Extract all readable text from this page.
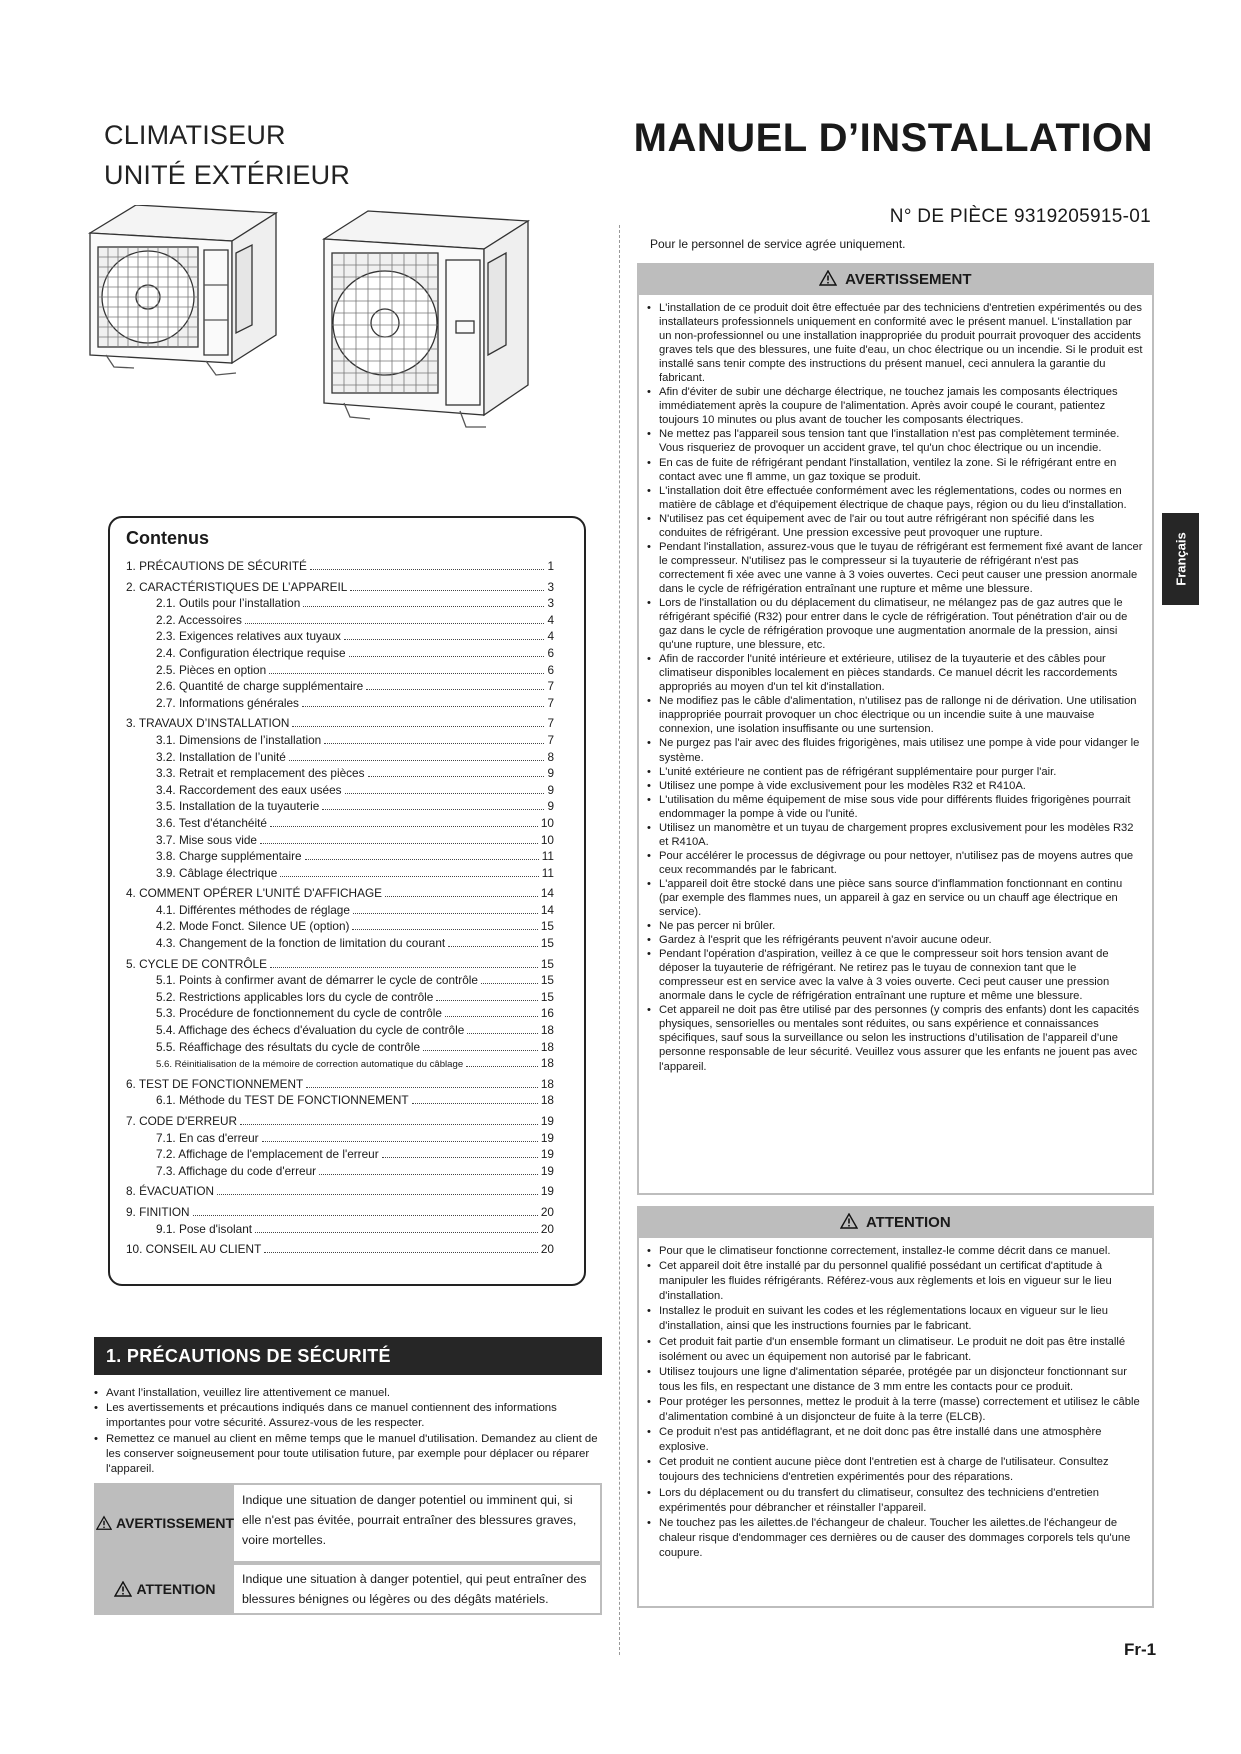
CLIMATISEUR
UNITÉ EXTÉRIEUR
MANUEL D’INSTALLATION
N° DE PIÈCE 9319205915-01
Pour le personnel de service agrée uniquement.
Contenus
1. PRÉCAUTIONS DE SÉCURITÉ	1
2. CARACTÉRISTIQUES DE L’APPAREIL	3
2.1. Outils pour l’installation	3
2.2. Accessoires	4
2.3. Exigences relatives aux tuyaux	4
2.4. Configuration électrique requise	6
2.5. Pièces en option	6
2.6. Quantité de charge supplémentaire	7
2.7. Informations générales	7
3. TRAVAUX D’INSTALLATION	7
3.1. Dimensions de l’installation	7
3.2. Installation de l’unité	8
3.3. Retrait et remplacement des pièces	9
3.4. Raccordement des eaux usées	9
3.5. Installation de la tuyauterie	9
3.6. Test d'étanchéité	10
3.7. Mise sous vide	10
3.8. Charge supplémentaire	11
3.9. Câblage électrique	11
4. COMMENT OPÉRER L'UNITÉ D'AFFICHAGE	14
4.1. Différentes méthodes de réglage	14
4.2. Mode Fonct. Silence UE (option)	15
4.3. Changement de la fonction de limitation du courant	15
5. CYCLE DE CONTRÔLE	15
5.1. Points à confirmer avant de démarrer le cycle de contrôle	15
5.2. Restrictions applicables lors du cycle de contrôle	15
5.3. Procédure de fonctionnement du cycle de contrôle	16
5.4. Affichage des échecs d'évaluation du cycle de contrôle	18
5.5. Réaffichage des résultats du cycle de contrôle	18
5.6. Réinitialisation de la mémoire de correction automatique du câblage	18
6. TEST DE FONCTIONNEMENT	18
6.1. Méthode du TEST DE FONCTIONNEMENT	18
7. CODE D'ERREUR	19
7.1. En cas d'erreur	19
7.2. Affichage de l'emplacement de l'erreur	19
7.3. Affichage du code d'erreur	19
8. ÉVACUATION	19
9. FINITION	20
9.1. Pose d'isolant	20
10. CONSEIL AU CLIENT	20
1. PRÉCAUTIONS DE SÉCURITÉ
• Avant l’installation, veuillez lire attentivement ce manuel.
• Les avertissements et précautions indiqués dans ce manuel contiennent des informations importantes pour votre sécurité. Assurez-vous de les respecter.
• Remettez ce manuel au client en même temps que le manuel d'utilisation. Demandez au client de les conserver soigneusement pour toute utilisation future, par exemple pour déplacer ou réparer l'appareil.
AVERTISSEMENT
Indique une situation de danger potentiel ou imminent qui, si elle n'est pas évitée, pourrait entraîner des blessures graves, voire mortelles.
ATTENTION
Indique une situation à danger potentiel, qui peut entraîner des blessures bénignes ou légères ou des dégâts matériels.
AVERTISSEMENT
• L'installation de ce produit doit être effectuée par des techniciens d'entretien expérimentés ou des installateurs professionnels uniquement en conformité avec le présent manuel. L'installation par un non-professionnel ou une installation inappropriée du produit pourrait provoquer des accidents graves tels que des blessures, une fuite d'eau, un choc électrique ou un incendie. Si le produit est installé sans tenir compte des instructions du présent manuel, ceci annulera la garantie du fabricant.
• Afin d'éviter de subir une décharge électrique, ne touchez jamais les composants électriques immédiatement après la coupure de l'alimentation. Après avoir coupé le courant, patientez toujours 10 minutes ou plus avant de toucher les composants électriques.
• Ne mettez pas l'appareil sous tension tant que l'installation n'est pas complètement terminée. Vous risqueriez de provoquer un accident grave, tel qu'un choc électrique ou un incendie.
• En cas de fuite de réfrigérant pendant l'installation, ventilez la zone. Si le réfrigérant entre en contact avec une fl amme, un gaz toxique se produit.
• L'installation doit être effectuée conformément avec les réglementations, codes ou normes en matière de câblage et d'équipement électrique de chaque pays, région ou du lieu d'installation.
• N'utilisez pas cet équipement avec de l'air ou tout autre réfrigérant non spécifié dans les conduites de réfrigérant. Une pression excessive peut provoquer une rupture.
• Pendant l'installation, assurez-vous que le tuyau de réfrigérant est fermement fixé avant de lancer le compresseur. N'utilisez pas le compresseur si la tuyauterie de réfrigérant n'est pas correctement fi xée avec une vanne à 3 voies ouvertes. Ceci peut causer une pression anormale dans le cycle de réfrigération entraînant une rupture et même une blessure.
• Lors de l'installation ou du déplacement du climatiseur, ne mélangez pas de gaz autres que le réfrigérant spécifié (R32) pour entrer dans le cycle de réfrigération. Tout pénétration d'air ou de gaz dans le cycle de réfrigération provoque une augmentation anormale de la pression, ainsi qu'une rupture, une blessure, etc.
• Afin de raccorder l'unité intérieure et extérieure, utilisez de la tuyauterie et des câbles pour climatiseur disponibles localement en pièces standards. Ce manuel décrit les raccordements appropriés au moyen d'un tel kit d'installation.
• Ne modifiez pas le câble d'alimentation, n'utilisez pas de rallonge ni de dérivation. Une utilisation inappropriée pourrait provoquer un choc électrique ou un incendie suite à une mauvaise connexion, une isolation insuffisante ou une surtension.
• Ne purgez pas l'air avec des fluides frigorigènes, mais utilisez une pompe à vide pour vidanger le système.
• L'unité extérieure ne contient pas de réfrigérant supplémentaire pour purger l'air.
• Utilisez une pompe à vide exclusivement pour les modèles R32 et R410A.
• L'utilisation du même équipement de mise sous vide pour différents fluides frigorigènes pourrait endommager la pompe à vide ou l'unité.
• Utilisez un manomètre et un tuyau de chargement propres exclusivement pour les modèles R32 et R410A.
• Pour accélérer le processus de dégivrage ou pour nettoyer, n'utilisez pas de moyens autres que ceux recommandés par le fabricant.
• L'appareil doit être stocké dans une pièce sans source d'inflammation fonctionnant en continu (par exemple des flammes nues, un appareil à gaz en service ou un chauff age électrique en service).
• Ne pas percer ni brûler.
• Gardez à l'esprit que les réfrigérants peuvent n'avoir aucune odeur.
• Pendant l'opération d'aspiration, veillez à ce que le compresseur soit hors tension avant de déposer la tuyauterie de réfrigérant. Ne retirez pas le tuyau de connexion tant que le compresseur est en service avec la valve à 3 voies ouverte. Ceci peut causer une pression anormale dans le cycle de réfrigération entraînant une rupture et même une blessure.
• Cet appareil ne doit pas être utilisé par des personnes (y compris des enfants) dont les capacités physiques, sensorielles ou mentales sont réduites, ou sans expérience et connaissances spécifiques, sauf sous la surveillance ou selon les instructions d’utilisation de l’appareil d’une personne responsable de leur sécurité. Veuillez vous assurer que les enfants ne jouent pas avec l'appareil.
ATTENTION
• Pour que le climatiseur fonctionne correctement, installez-le comme décrit dans ce manuel.
• Cet appareil doit être installé par du personnel qualifié possédant un certificat d'aptitude à manipuler les fluides réfrigérants. Référez-vous aux règlements et lois en vigueur sur le lieu d'installation.
• Installez le produit en suivant les codes et les réglementations locaux en vigueur sur le lieu d'installation, ainsi que les instructions fournies par le fabricant.
• Cet produit fait partie d'un ensemble formant un climatiseur. Le produit ne doit pas être installé isolément ou avec un équipement non autorisé par le fabricant.
• Utilisez toujours une ligne d'alimentation séparée, protégée par un disjoncteur fonctionnant sur tous les fils, en respectant une distance de 3 mm entre les contacts pour ce produit.
• Pour protéger les personnes, mettez le produit à la terre (masse) correctement et utilisez le câble d’alimentation combiné à un disjoncteur de fuite à la terre (ELCB).
• Ce produit n'est pas antidéflagrant, et ne doit donc pas être installé dans une atmosphère explosive.
• Cet produit ne contient aucune pièce dont l'entretien est à charge de l'utilisateur. Consultez toujours des techniciens d'entretien expérimentés pour des réparations.
• Lors du déplacement ou du transfert du climatiseur, consultez des techniciens d'entretien expérimentés pour débrancher et réinstaller l’appareil.
• Ne touchez pas les ailettes.de l'échangeur de chaleur. Toucher les ailettes.de l'échangeur de chaleur risque d'endommager ces dernières ou de causer des dommages corporels tels qu'une coupure.
Français
Fr-1
